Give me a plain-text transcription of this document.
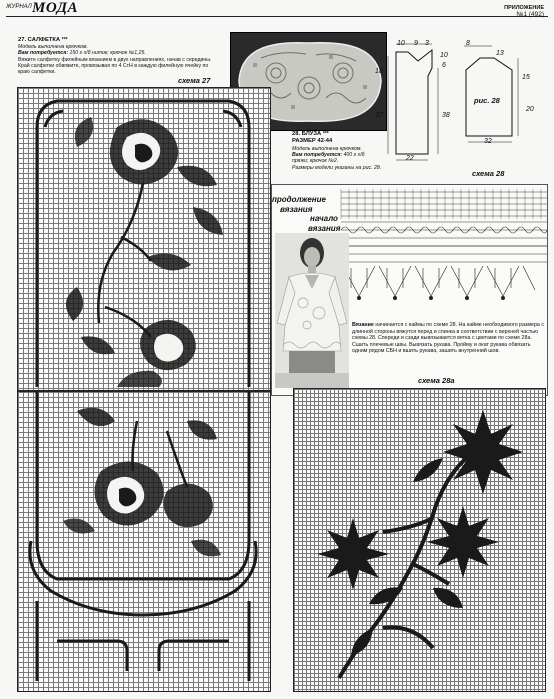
ЖУРНАЛ МОДА	ПРИЛОЖЕНИЕ
№1 (492)
27. САЛФЕТКА ***
Модель выполнена крючком.
Вам потребуется: 150 г х/б ниток; крючок №1,25.
Вяжите салфетку филейным вязанием в двух направлениях, начав с середины.
Край салфетки обвяжите, провязывая по 4 СтН в каждую филейную ячейку по
краю салфетки.
схема 27
10 9 3
18
37
6
10
38
22
8
13
15
20
32
рис. 28
схема 28
28. БЛУЗА ***
РАЗМЕР 42-44
Модель выполнена крючком.
Вам потребуется: 400 г х/б
пряжи; крючок №2.
Размеры модели указаны на рис. 28.
продолжение
вязания
начало
вязания
Вязание начинается с каймы по схеме 28. На каймe необходимого размера с длинной стороны вяжутся перед и спинка в соответствии с верхней частью схемы 28. Спереди и сзади вывязывается ветка с цветами по схеме 28а. Сшить плечевые швы. Вывязать рукава. Пройму и окат рукава обвязать одним рядом СБН и вшить рукава, зашить внутренний шов.
схема 28а
